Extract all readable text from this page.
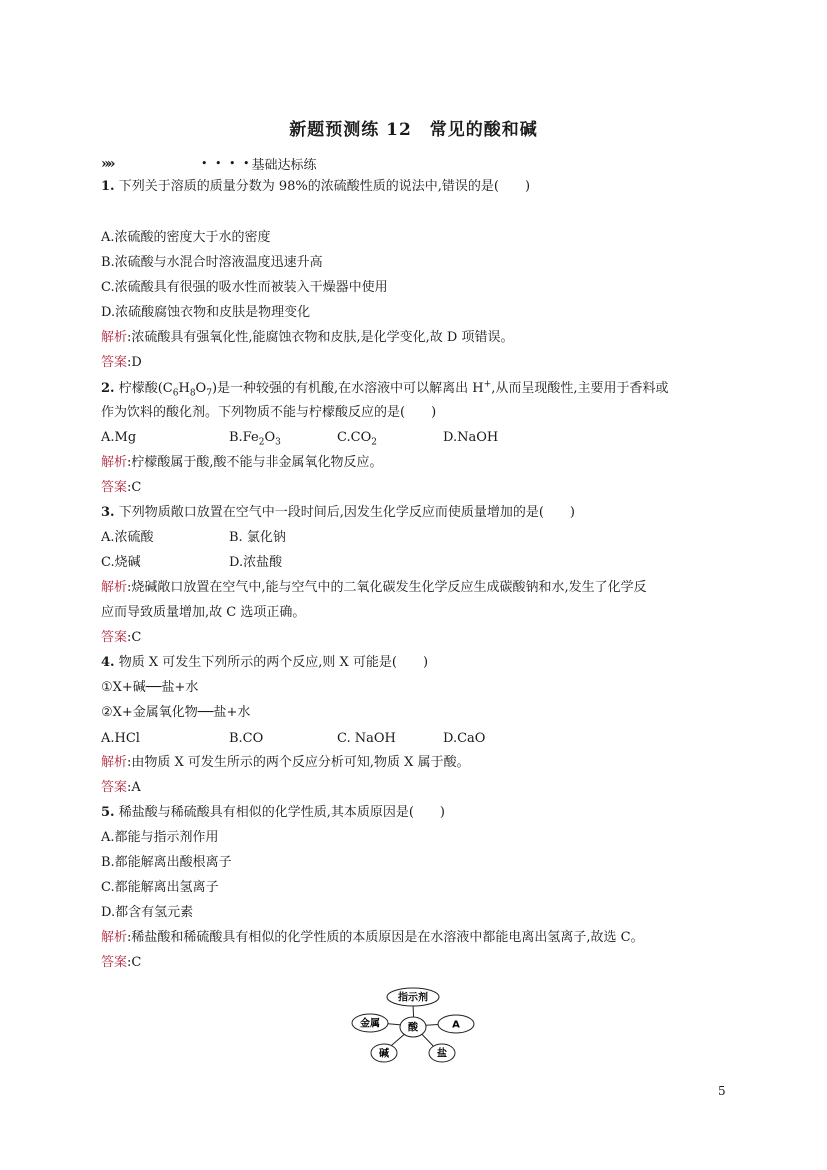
新题预测练 12　常见的酸和碱
»»	• • • • 基础达标练
1. 下列关于溶质的质量分数为 98%的浓硫酸性质的说法中,错误的是(　　)
A.浓硫酸的密度大于水的密度
B.浓硫酸与水混合时溶液温度迅速升高
C.浓硫酸具有很强的吸水性而被装入干燥器中使用
D.浓硫酸腐蚀衣物和皮肤是物理变化
解析:浓硫酸具有强氧化性,能腐蚀衣物和皮肤,是化学变化,故 D 项错误。
答案:D
2. 柠檬酸$(C_6H_8O_7)$是一种较强的有机酸,在水溶液中可以解离出 H+,从而呈现酸性,主要用于香料或
作为饮料的酸化剂。下列物质不能与柠檬酸反应的是(　　)
A.Mg	$B.Fe_2O_3$	$C.CO_2$	D.NaOH
解析:柠檬酸属于酸,酸不能与非金属氧化物反应。
答案:C
3. 下列物质敞口放置在空气中一段时间后,因发生化学反应而使质量增加的是(　　)
A.浓硫酸	B. 氯化钠
C.烧碱	D.浓盐酸
解析:烧碱敞口放置在空气中,能与空气中的二氧化碳发生化学反应生成碳酸钠和水,发生了化学反
应而导致质量增加,故 C 选项正确。
答案:C
4. 物质 X 可发生下列所示的两个反应,则 X 可能是(　　)
①X+碱──盐+水
②X+金属氧化物──盐+水
A.HCl	B.CO	C. NaOH	D.CaO
解析:由物质 X 可发生所示的两个反应分析可知,物质 X 属于酸。
答案:A
5. 稀盐酸与稀硫酸具有相似的化学性质,其本质原因是(　　)
A.都能与指示剂作用
B.都能解离出酸根离子
C.都能解离出氢离子
D.都含有氢元素
解析:稀盐酸和稀硫酸具有相似的化学性质的本质原因是在水溶液中都能电离出氢离子,故选 C。
答案:C
指示剂
金属	A
酸
碱	盐
5
